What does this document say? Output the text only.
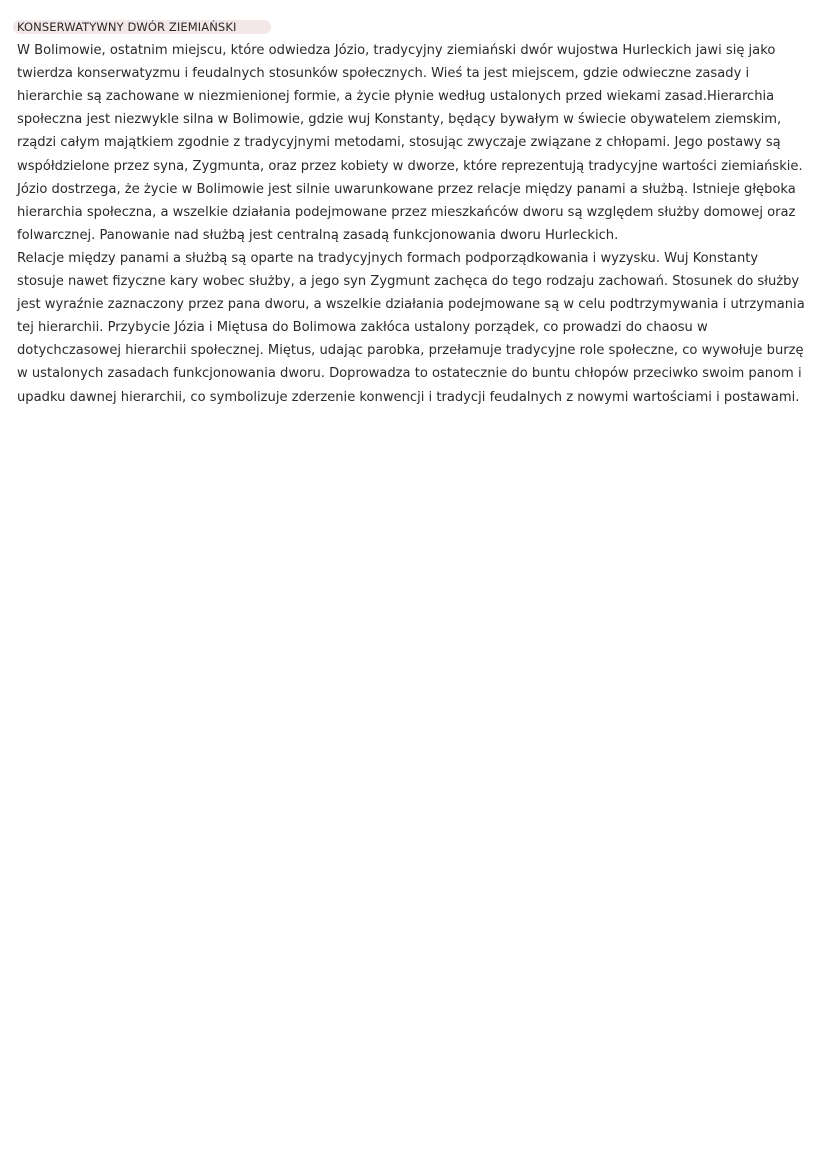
KONSERWATYWNY DWÓR ZIEMIAŃSKI
W Bolimowie, ostatnim miejscu, które odwiedza Józio, tradycyjny ziemiański dwór wujostwa Hurleckich jawi się jako
twierdza konserwatyzmu i feudalnych stosunków społecznych. Wieś ta jest miejscem, gdzie odwieczne zasady i
hierarchie są zachowane w niezmienionej formie, a życie płynie według ustalonych przed wiekami zasad.Hierarchia
społeczna jest niezwykle silna w Bolimowie, gdzie wuj Konstanty, będący bywałym w świecie obywatelem ziemskim,
rządzi całym majątkiem zgodnie z tradycyjnymi metodami, stosując zwyczaje związane z chłopami. Jego postawy są
współdzielone przez syna, Zygmunta, oraz przez kobiety w dworze, które reprezentują tradycyjne wartości ziemiańskie.
Józio dostrzega, że życie w Bolimowie jest silnie uwarunkowane przez relacje między panami a służbą. Istnieje głęboka
hierarchia społeczna, a wszelkie działania podejmowane przez mieszkańców dworu są względem służby domowej oraz
folwarcznej. Panowanie nad służbą jest centralną zasadą funkcjonowania dworu Hurleckich.
Relacje między panami a służbą są oparte na tradycyjnych formach podporządkowania i wyzysku. Wuj Konstanty
stosuje nawet fizyczne kary wobec służby, a jego syn Zygmunt zachęca do tego rodzaju zachowań. Stosunek do służby
jest wyraźnie zaznaczony przez pana dworu, a wszelkie działania podejmowane są w celu podtrzymywania i utrzymania
tej hierarchii. Przybycie Józia i Miętusa do Bolimowa zakłóca ustalony porządek, co prowadzi do chaosu w
dotychczasowej hierarchii społecznej. Miętus, udając parobka, przełamuje tradycyjne role społeczne, co wywołuje burzę
w ustalonych zasadach funkcjonowania dworu. Doprowadza to ostatecznie do buntu chłopów przeciwko swoim panom i
upadku dawnej hierarchii, co symbolizuje zderzenie konwencji i tradycji feudalnych z nowymi wartościami i postawami.
